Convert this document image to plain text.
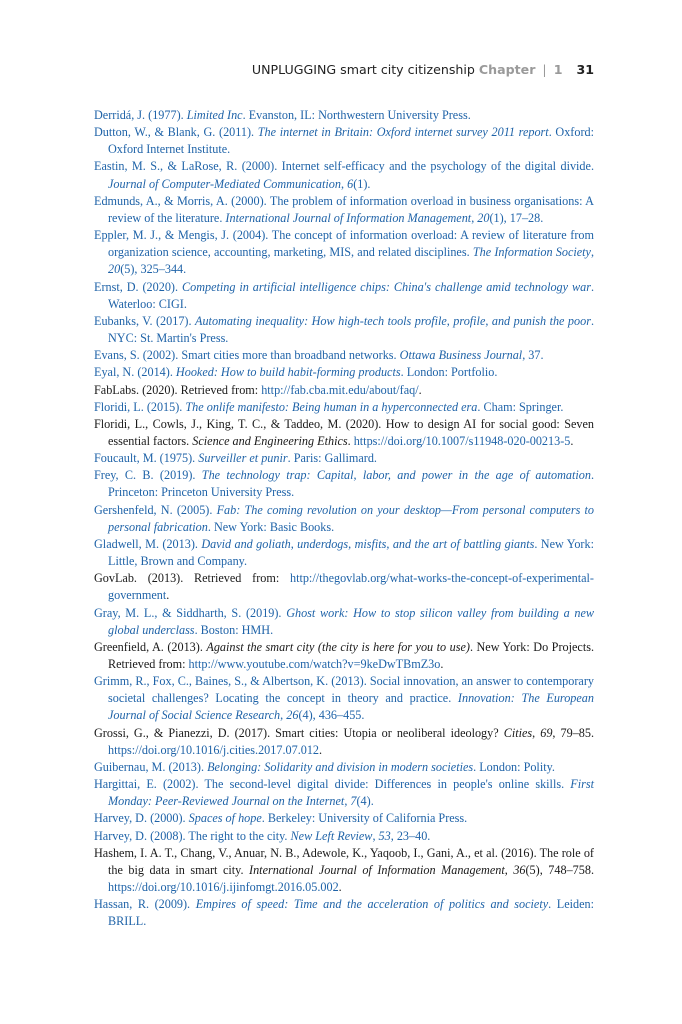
UNPLUGGING smart city citizenship Chapter | 1 31
Derridá, J. (1977). Limited Inc. Evanston, IL: Northwestern University Press.
Dutton, W., & Blank, G. (2011). The internet in Britain: Oxford internet survey 2011 report. Oxford: Oxford Internet Institute.
Eastin, M. S., & LaRose, R. (2000). Internet self-efficacy and the psychology of the digital divide. Journal of Computer-Mediated Communication, 6(1).
Edmunds, A., & Morris, A. (2000). The problem of information overload in business organisations: A review of the literature. International Journal of Information Management, 20(1), 17–28.
Eppler, M. J., & Mengis, J. (2004). The concept of information overload: A review of literature from organization science, accounting, marketing, MIS, and related disciplines. The Information Society, 20(5), 325–344.
Ernst, D. (2020). Competing in artificial intelligence chips: China's challenge amid technology war. Waterloo: CIGI.
Eubanks, V. (2017). Automating inequality: How high-tech tools profile, profile, and punish the poor. NYC: St. Martin's Press.
Evans, S. (2002). Smart cities more than broadband networks. Ottawa Business Journal, 37.
Eyal, N. (2014). Hooked: How to build habit-forming products. London: Portfolio.
FabLabs. (2020). Retrieved from: http://fab.cba.mit.edu/about/faq/.
Floridi, L. (2015). The onlife manifesto: Being human in a hyperconnected era. Cham: Springer.
Floridi, L., Cowls, J., King, T. C., & Taddeo, M. (2020). How to design AI for social good: Seven essential factors. Science and Engineering Ethics. https://doi.org/10.1007/s11948-020-00213-5.
Foucault, M. (1975). Surveiller et punir. Paris: Gallimard.
Frey, C. B. (2019). The technology trap: Capital, labor, and power in the age of automation. Princeton: Princeton University Press.
Gershenfeld, N. (2005). Fab: The coming revolution on your desktop—From personal computers to personal fabrication. New York: Basic Books.
Gladwell, M. (2013). David and goliath, underdogs, misfits, and the art of battling giants. New York: Little, Brown and Company.
GovLab. (2013). Retrieved from: http://thegovlab.org/what-works-the-concept-of-experimental-government.
Gray, M. L., & Siddharth, S. (2019). Ghost work: How to stop silicon valley from building a new global underclass. Boston: HMH.
Greenfield, A. (2013). Against the smart city (the city is here for you to use). New York: Do Projects. Retrieved from: http://www.youtube.com/watch?v=9keDwTBmZ3o.
Grimm, R., Fox, C., Baines, S., & Albertson, K. (2013). Social innovation, an answer to contemporary societal challenges? Locating the concept in theory and practice. Innovation: The European Journal of Social Science Research, 26(4), 436–455.
Grossi, G., & Pianezzi, D. (2017). Smart cities: Utopia or neoliberal ideology? Cities, 69, 79–85. https://doi.org/10.1016/j.cities.2017.07.012.
Guibernau, M. (2013). Belonging: Solidarity and division in modern societies. London: Polity.
Hargittai, E. (2002). The second-level digital divide: Differences in people's online skills. First Monday: Peer-Reviewed Journal on the Internet, 7(4).
Harvey, D. (2000). Spaces of hope. Berkeley: University of California Press.
Harvey, D. (2008). The right to the city. New Left Review, 53, 23–40.
Hashem, I. A. T., Chang, V., Anuar, N. B., Adewole, K., Yaqoob, I., Gani, A., et al. (2016). The role of the big data in smart city. International Journal of Information Management, 36(5), 748–758. https://doi.org/10.1016/j.ijinfomgt.2016.05.002.
Hassan, R. (2009). Empires of speed: Time and the acceleration of politics and society. Leiden: BRILL.
